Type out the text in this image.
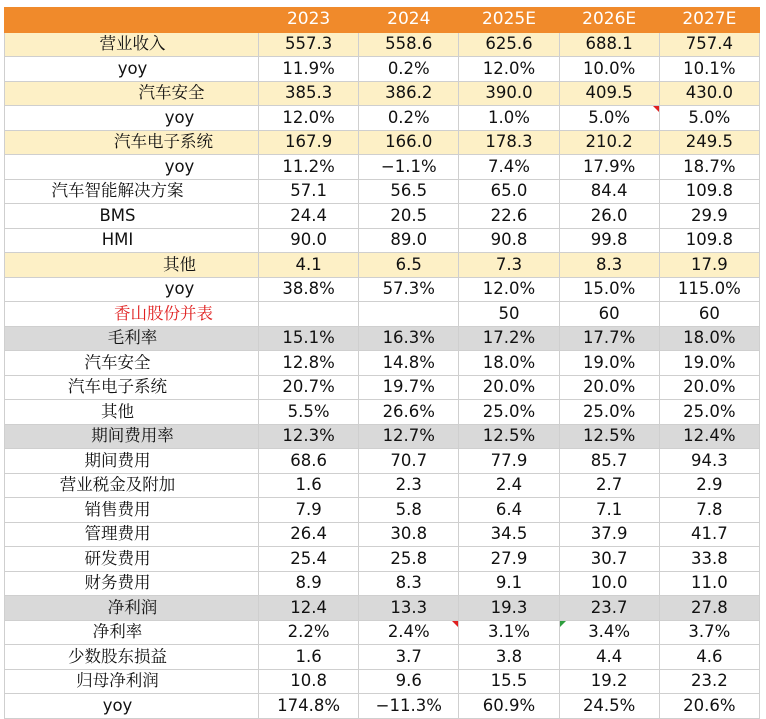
	2023	2024	2025E	2026E	2027E
营业收入	557.3	558.6	625.6	688.1	757.4
yoy	11.9%	0.2%	12.0%	10.0%	10.1%
汽车安全	385.3	386.2	390.0	409.5	430.0
yoy	12.0%	0.2%	1.0%	5.0%	5.0%
汽车电子系统	167.9	166.0	178.3	210.2	249.5
yoy	11.2%	−1.1%	7.4%	17.9%	18.7%
汽车智能解决方案	57.1	56.5	65.0	84.4	109.8
BMS	24.4	20.5	22.6	26.0	29.9
HMI	90.0	89.0	90.8	99.8	109.8
其他	4.1	6.5	7.3	8.3	17.9
yoy	38.8%	57.3%	12.0%	15.0%	115.0%
香山股份并表			50	60	60
毛利率	15.1%	16.3%	17.2%	17.7%	18.0%
汽车安全	12.8%	14.8%	18.0%	19.0%	19.0%
汽车电子系统	20.7%	19.7%	20.0%	20.0%	20.0%
其他	5.5%	26.6%	25.0%	25.0%	25.0%
期间费用率	12.3%	12.7%	12.5%	12.5%	12.4%
期间费用	68.6	70.7	77.9	85.7	94.3
营业税金及附加	1.6	2.3	2.4	2.7	2.9
销售费用	7.9	5.8	6.4	7.1	7.8
管理费用	26.4	30.8	34.5	37.9	41.7
研发费用	25.4	25.8	27.9	30.7	33.8
财务费用	8.9	8.3	9.1	10.0	11.0
净利润	12.4	13.3	19.3	23.7	27.8
净利率	2.2%	2.4%	3.1%	3.4%	3.7%
少数股东损益	1.6	3.7	3.8	4.4	4.6
归母净利润	10.8	9.6	15.5	19.2	23.2
yoy	174.8%	−11.3%	60.9%	24.5%	20.6%
